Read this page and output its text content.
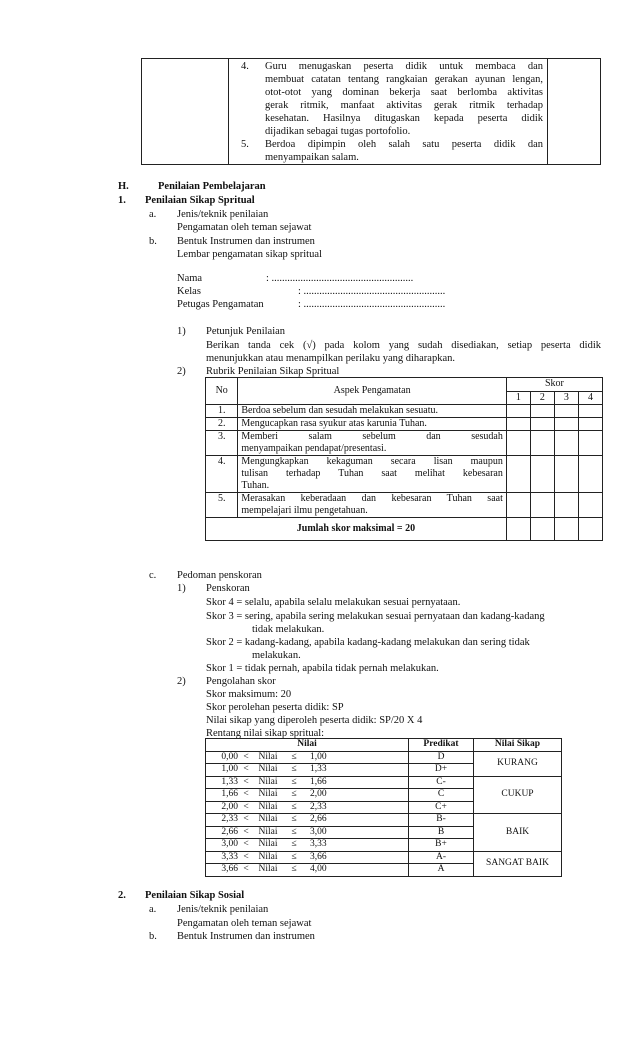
4.	Guru menugaskan peserta didik untuk membaca dan
membuat catatan tentang rangkaian gerakan ayunan lengan,
otot-otot yang dominan bekerja saat berlomba aktivitas
gerak ritmik, manfaat aktivitas gerak ritmik terhadap
kesehatan. Hasilnya ditugaskan kepada peserta didik
dijadikan sebagai tugas portofolio.
5.	Berdoa dipimpin oleh salah satu peserta didik dan
menyampaikan salam.

H.	Penilaian Pembelajaran
1. Penilaian Sikap Spritual
a. Jenis/teknik penilaian
Pengamatan oleh teman sejawat
b. Bentuk Instrumen dan instrumen
Lembar pengamatan sikap spritual
Nama	: ......................................................
Kelas	: ......................................................
Petugas Pengamatan	: ......................................................
1) Petunjuk Penilaian
Berikan tanda cek (√) pada kolom yang sudah disediakan, setiap peserta didik
menunjukkan atau menampilkan perilaku yang diharapkan.
2) Rubrik Penilaian Sikap Spritual
No	Aspek Pengamatan	Skor			
		1	2	3	4
1.	Berdoa sebelum dan sesudah melakukan sesuatu.				

2.	Mengucapkan rasa syukur atas karunia Tuhan.				

3.	Memberi salam sebelum dan sesudah
menyampaikan pendapat/presentasi.				

4.	Mengungkapkan kekaguman secara lisan maupun
tulisan terhadap Tuhan saat melihat kebesaran
Tuhan.				

5.	Merasakan keberadaan dan kebesaran Tuhan saat
mempelajari ilmu pengetahuan.				

Jumlah skor maksimal = 20					
c. Pedoman penskoran
1) Penskoran
Skor 4 = selalu, apabila selalu melakukan sesuai pernyataan.
Skor 3 = sering, apabila sering melakukan sesuai pernyataan dan kadang-kadang
tidak melakukan.
Skor 2 = kadang-kadang, apabila kadang-kadang melakukan dan sering tidak
melakukan.
Skor 1 = tidak pernah, apabila tidak pernah melakukan.
2) Pengolahan skor
Skor maksimum: 20
Skor perolehan peserta didik: SP
Nilai sikap yang diperoleh peserta didik: SP/20 X 4
Rentang nilai sikap spritual:
Nilai	Predikat	Nilai Sikap
0,00 < Nilai ≤ 1,00	D	KURANG
1,00 < Nilai ≤ 1,33	D+	
1,33 < Nilai ≤ 1,66	C-	CUKUP
1,66 < Nilai ≤ 2,00	C	
2,00 < Nilai ≤ 2,33	C+	
2,33 < Nilai ≤ 2,66	B-	BAIK
2,66 < Nilai ≤ 3,00	B	
3,00 < Nilai ≤ 3,33	B+	
3,33 < Nilai ≤ 3,66	A-	SANGAT BAIK
3,66 < Nilai ≤ 4,00	A	
2. Penilaian Sikap Sosial
a. Jenis/teknik penilaian
Pengamatan oleh teman sejawat
b. Bentuk Instrumen dan instrumen
